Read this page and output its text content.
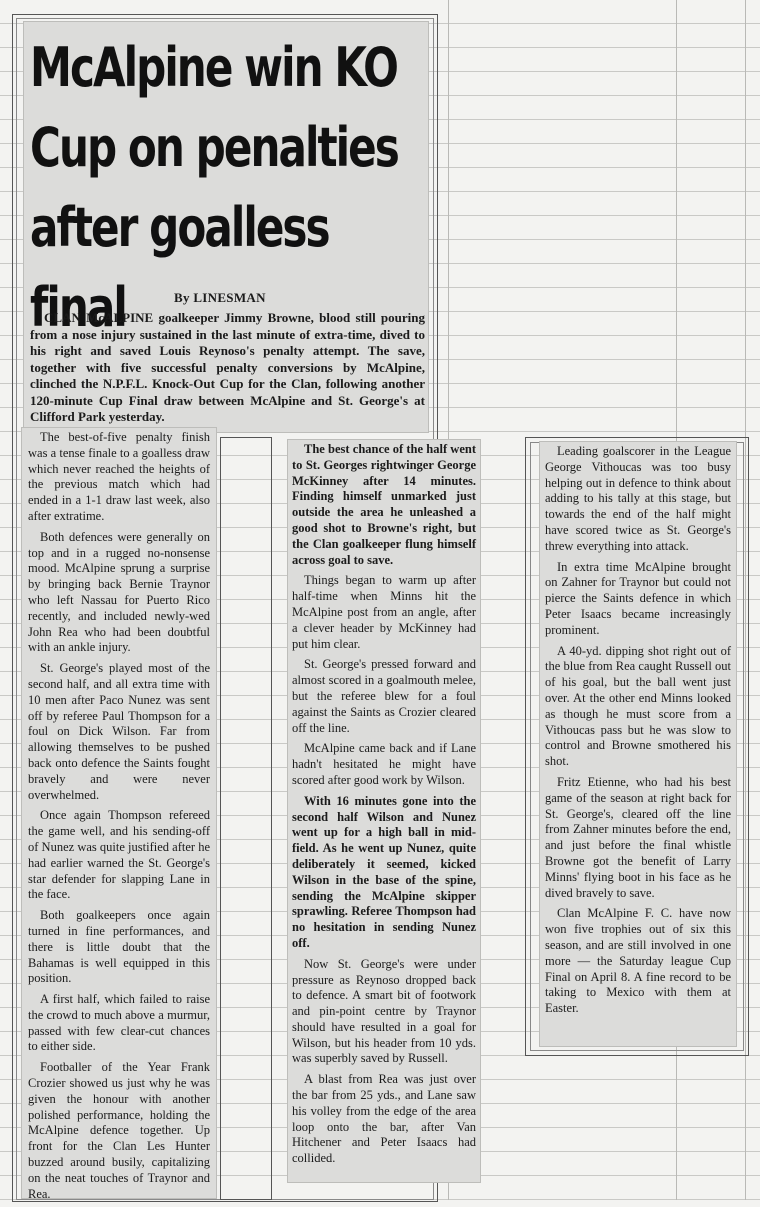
McAlpine win KO
Cup on penalties
after goalless final	By LINESMAN
CLAN McALPINE goalkeeper Jimmy Browne, blood still pouring from a nose injury sustained in the last minute of extra-time, dived to his right and saved Louis Reynoso's penalty attempt. The save, together with five successful penalty conversions by McAlpine, clinched the N.P.F.L. Knock-Out Cup for the Clan, following another 120-minute Cup Final draw between McAlpine and St. George's at Clifford Park yesterday.

The best-of-five penalty finish was a tense finale to a goalless draw which never reached the heights of the previous match which had ended in a 1-1 draw last week, also after extratime.

Both defences were generally on top and in a rugged no-nonsense mood. McAlpine sprung a surprise by bringing back Bernie Traynor who left Nassau for Puerto Rico recently, and included newly-wed John Rea who had been doubtful with an ankle injury.

St. George's played most of the second half, and all extra time with 10 men after Paco Nunez was sent off by referee Paul Thompson for a foul on Dick Wilson. Far from allowing themselves to be pushed back onto defence the Saints fought bravely and were never overwhelmed.

Once again Thompson refereed the game well, and his sending-off of Nunez was quite justified after he had earlier warned the St. George's star defender for slapping Lane in the face.

Both goalkeepers once again turned in fine performances, and there is little doubt that the Bahamas is well equipped in this position.

A first half, which failed to raise the crowd to much above a murmur, passed with few clear-cut chances to either side.

Footballer of the Year Frank Crozier showed us just why he was given the honour with another polished performance, holding the McAlpine defence together. Up front for the Clan Les Hunter buzzed around busily, capitalizing on the neat touches of Traynor and Rea.

The best chance of the half went to St. Georges rightwinger George McKinney after 14 minutes. Finding himself unmarked just outside the area he unleashed a good shot to Browne's right, but the Clan goalkeeper flung himself across goal to save.

Things began to warm up after half-time when Minns hit the McAlpine post from an angle, after a clever header by McKinney had put him clear.

St. George's pressed forward and almost scored in a goalmouth melee, but the referee blew for a foul against the Saints as Crozier cleared off the line.

McAlpine came back and if Lane hadn't hesitated he might have scored after good work by Wilson.

With 16 minutes gone into the second half Wilson and Nunez went up for a high ball in mid-field. As he went up Nunez, quite deliberately it seemed, kicked Wilson in the base of the spine, sending the McAlpine skipper sprawling. Referee Thompson had no hesitation in sending Nunez off.

Now St. George's were under pressure as Reynoso dropped back to defence. A smart bit of footwork and pin-point centre by Traynor should have resulted in a goal for Wilson, but his header from 10 yds. was superbly saved by Russell.

A blast from Rea was just over the bar from 25 yds., and Lane saw his volley from the edge of the area loop onto the bar, after Van Hitchener and Peter Isaacs had collided.

Leading goalscorer in the League George Vithoucas was too busy helping out in defence to think about adding to his tally at this stage, but towards the end of the half might have scored twice as St. George's threw everything into attack.

In extra time McAlpine brought on Zahner for Traynor but could not pierce the Saints defence in which Peter Isaacs became increasingly prominent.

A 40-yd. dipping shot right out of the blue from Rea caught Russell out of his goal, but the ball went just over. At the other end Minns looked as though he must score from a Vithoucas pass but he was slow to control and Browne smothered his shot.

Fritz Etienne, who had his best game of the season at right back for St. George's, cleared off the line from Zahner minutes before the end, and just before the final whistle Browne got the benefit of Larry Minns' flying boot in his face as he dived bravely to save.

Clan McAlpine F. C. have now won five trophies out of six this season, and are still involved in one more — the Saturday league Cup Final on April 8. A fine record to be taking to Mexico with them at Easter.
